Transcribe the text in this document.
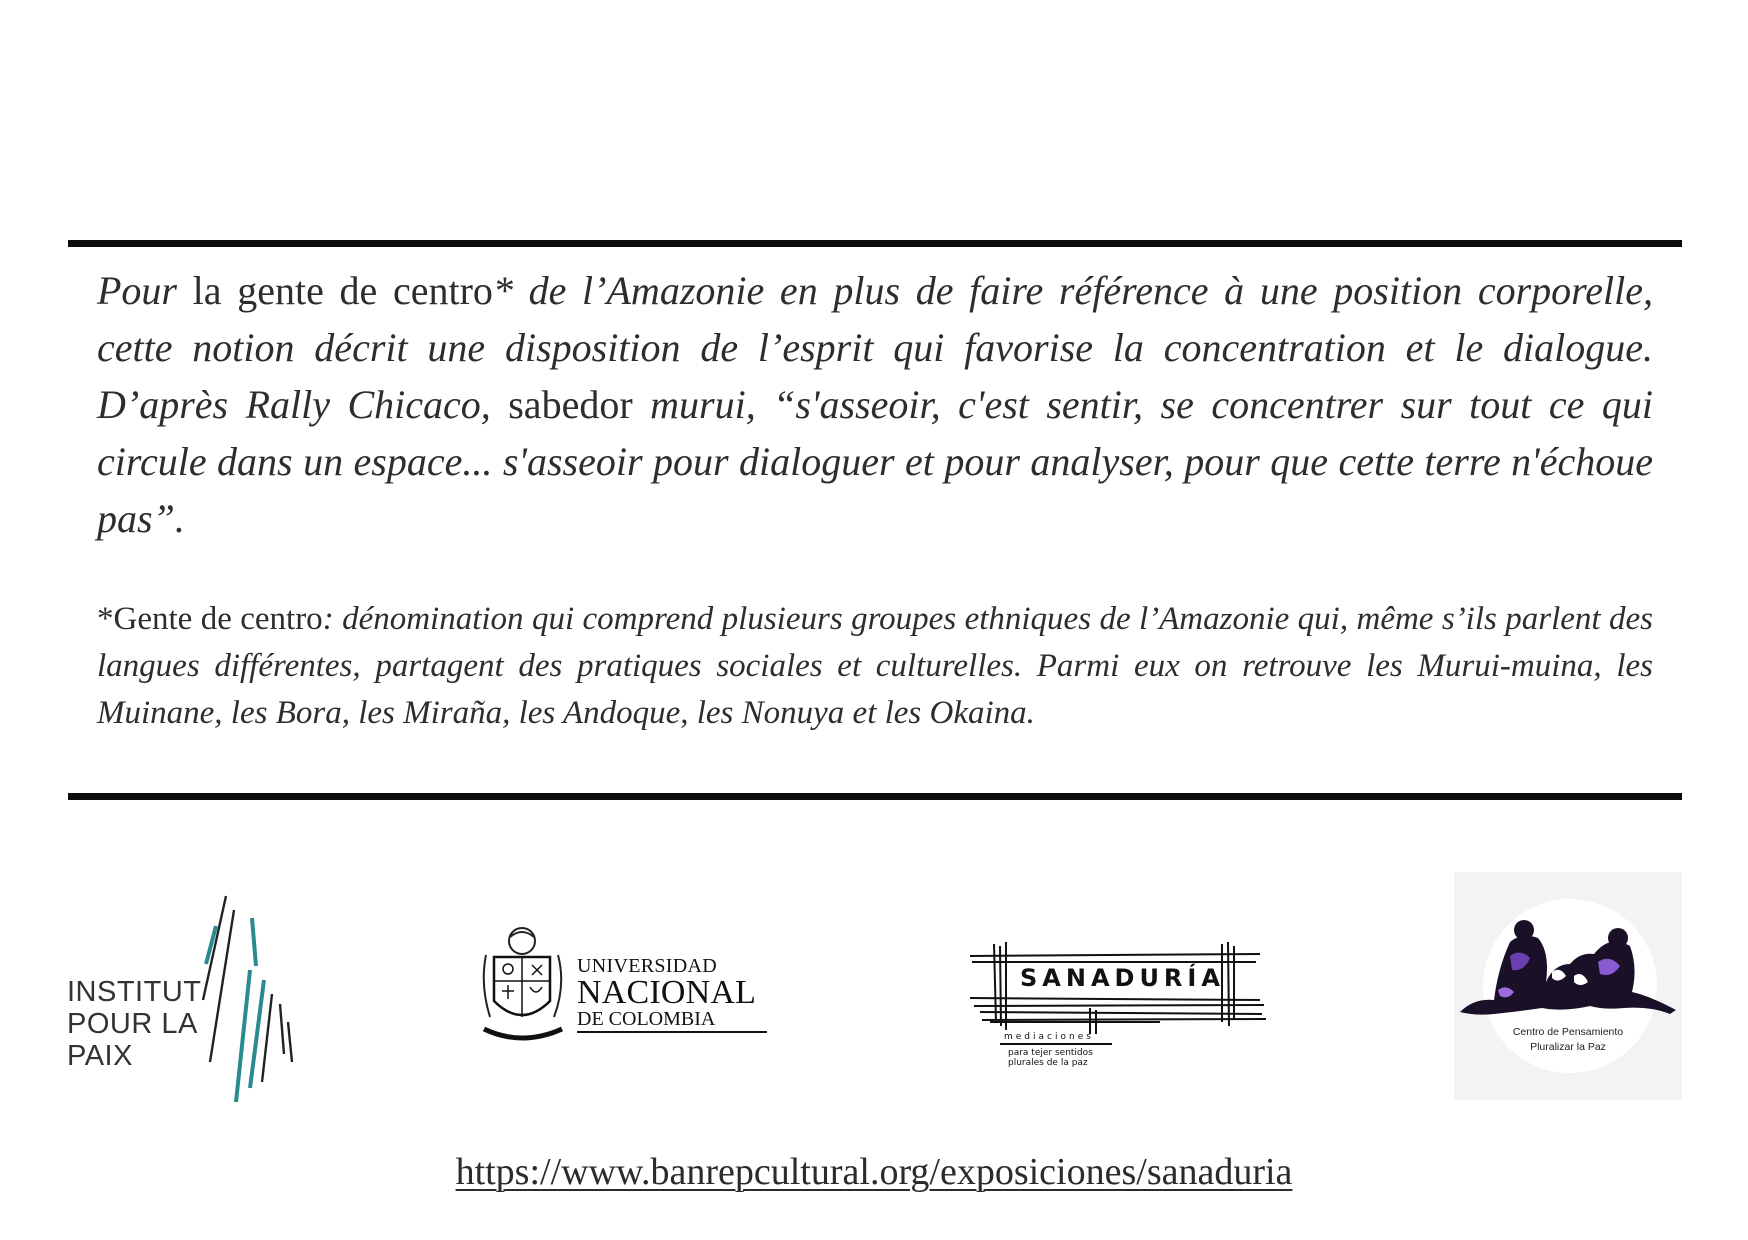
Pour la gente de centro* de l’Amazonie en plus de faire référence à une position corporelle, cette notion décrit une disposition de l’esprit qui favorise la concentration et le dialogue. D’après Rally Chicaco, sabedor murui, “s'asseoir, c'est sentir, se concentrer sur tout ce qui circule dans un espace... s'asseoir pour dialoguer et pour analyser, pour que cette terre n'échoue pas”.

*Gente de centro: dénomination qui comprend plusieurs groupes ethniques de l’Amazonie qui, même s’ils parlent des langues différentes, partagent des pratiques sociales et culturelles. Parmi eux on retrouve les Murui-muina, les Muinane, les Bora, les Miraña, les Andoque, les Nonuya et les Okaina.

INSTITUT
POUR LA
PAIX
UNIVERSIDAD
NACIONAL
DE COLOMBIA
SANADURÍA
mediaciones
para tejer sentidos
plurales de la paz
Centro de Pensamiento
Pluralizar la Paz
https://www.banrepcultural.org/exposiciones/sanaduria
